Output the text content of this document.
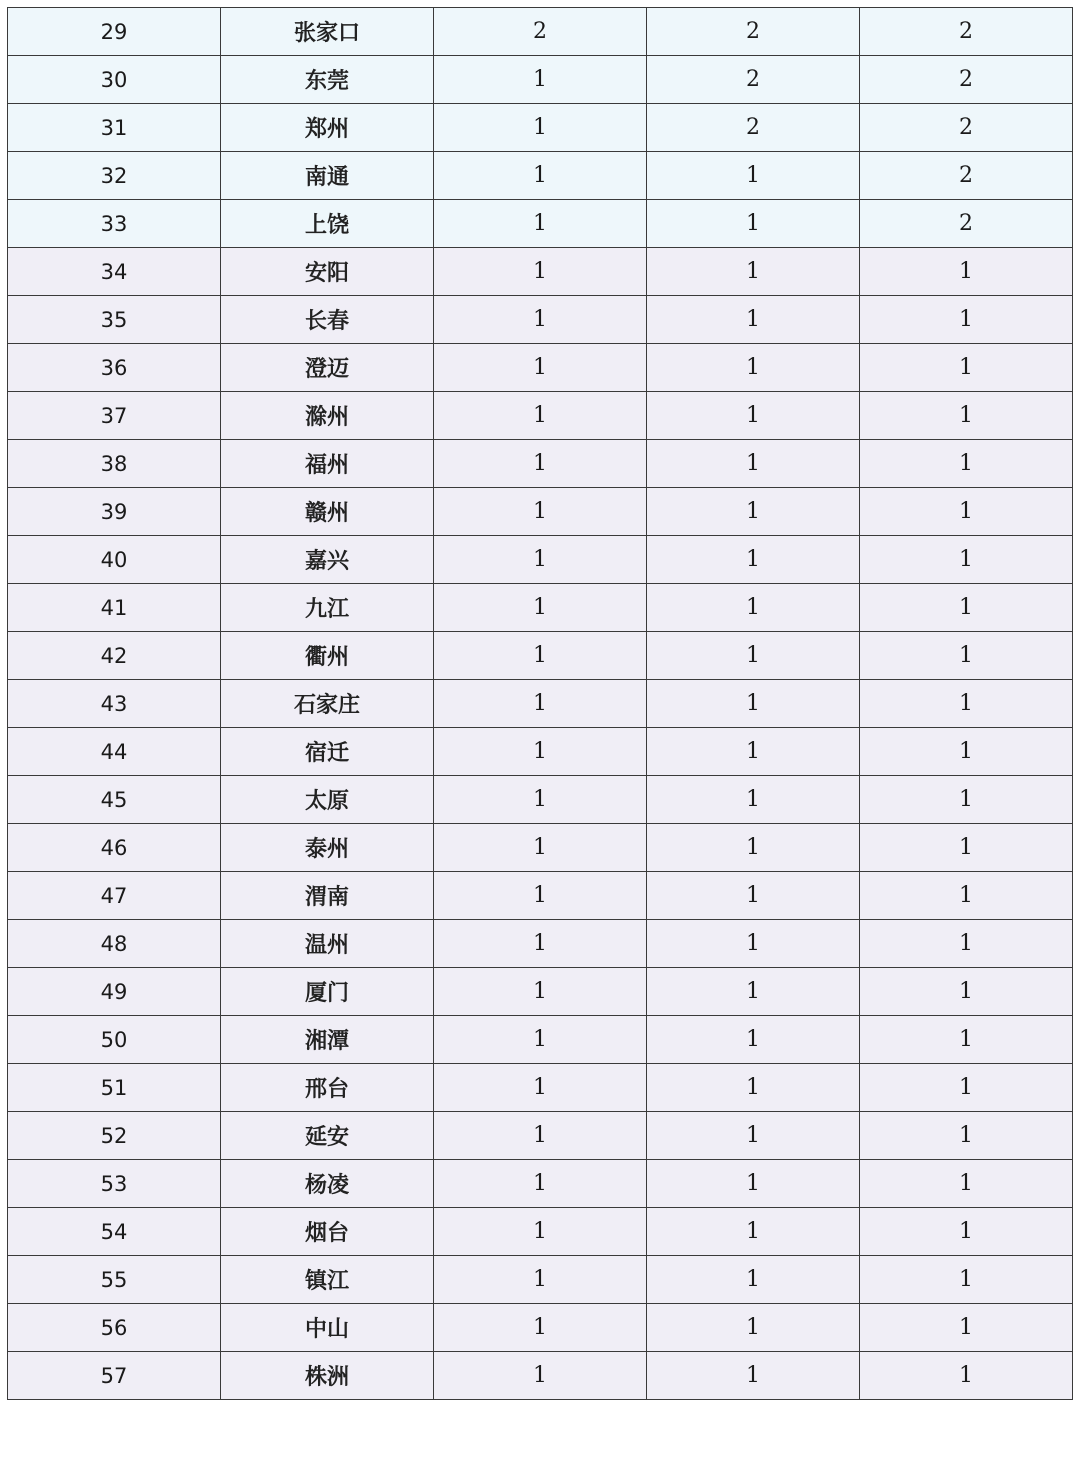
29	张家口	2	2	2
30	东莞	1	2	2
31	郑州	1	2	2
32	南通	1	1	2
33	上饶	1	1	2
34	安阳	1	1	1
35	长春	1	1	1
36	澄迈	1	1	1
37	滁州	1	1	1
38	福州	1	1	1
39	赣州	1	1	1
40	嘉兴	1	1	1
41	九江	1	1	1
42	衢州	1	1	1
43	石家庄	1	1	1
44	宿迁	1	1	1
45	太原	1	1	1
46	泰州	1	1	1
47	渭南	1	1	1
48	温州	1	1	1
49	厦门	1	1	1
50	湘潭	1	1	1
51	邢台	1	1	1
52	延安	1	1	1
53	杨凌	1	1	1
54	烟台	1	1	1
55	镇江	1	1	1
56	中山	1	1	1
57	株洲	1	1	1
